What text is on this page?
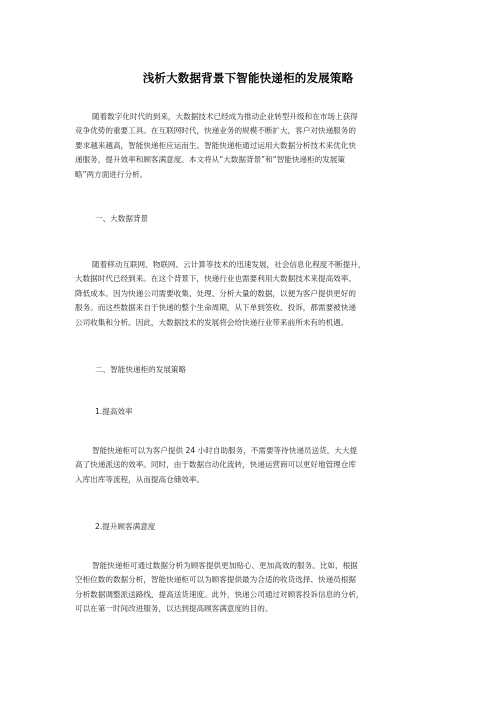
浅析大数据背景下智能快递柜的发展策略

随着数字化时代的到来，大数据技术已经成为推动企业转型升级和在市场上获得
竞争优势的重要工具。在互联网时代，快递业务的规模不断扩大，客户对快递服务的
要求越来越高，智能快递柜应运而生。智能快递柜通过运用大数据分析技术来优化快
递服务，提升效率和顾客满意度。本文将从“大数据背景”和“智能快递柜的发展策
略”两方面进行分析。

一、大数据背景

随着移动互联网、物联网、云计算等技术的迅速发展，社会信息化程度不断提升，
大数据时代已经到来。在这个背景下，快递行业也需要利用大数据技术来提高效率、
降低成本。因为快递公司需要收集、处理、分析大量的数据，以便为客户提供更好的
服务。而这些数据来自于快递的整个生命周期，从下单到签收、投诉，都需要被快递
公司收集和分析。因此，大数据技术的发展将会给快递行业带来前所未有的机遇。

二、智能快递柜的发展策略
1.提高效率

智能快递柜可以为客户提供 24 小时自助服务，不需要等待快递员送货，大大提
高了快递派送的效率。同时，由于数据自动化流转，快递运营商可以更好地管理仓库
入库出库等流程，从而提高仓储效率。

2.提升顾客满意度

智能快递柜可通过数据分析为顾客提供更加贴心、更加高效的服务。比如，根据
空柜位数的数据分析，智能快递柜可以为顾客提供最为合适的收货选择、快递员根据
分析数据调整派送路线，提高送货速度。此外，快递公司通过对顾客投诉信息的分析，
可以在第一时间改进服务，以达到提高顾客满意度的目的。
